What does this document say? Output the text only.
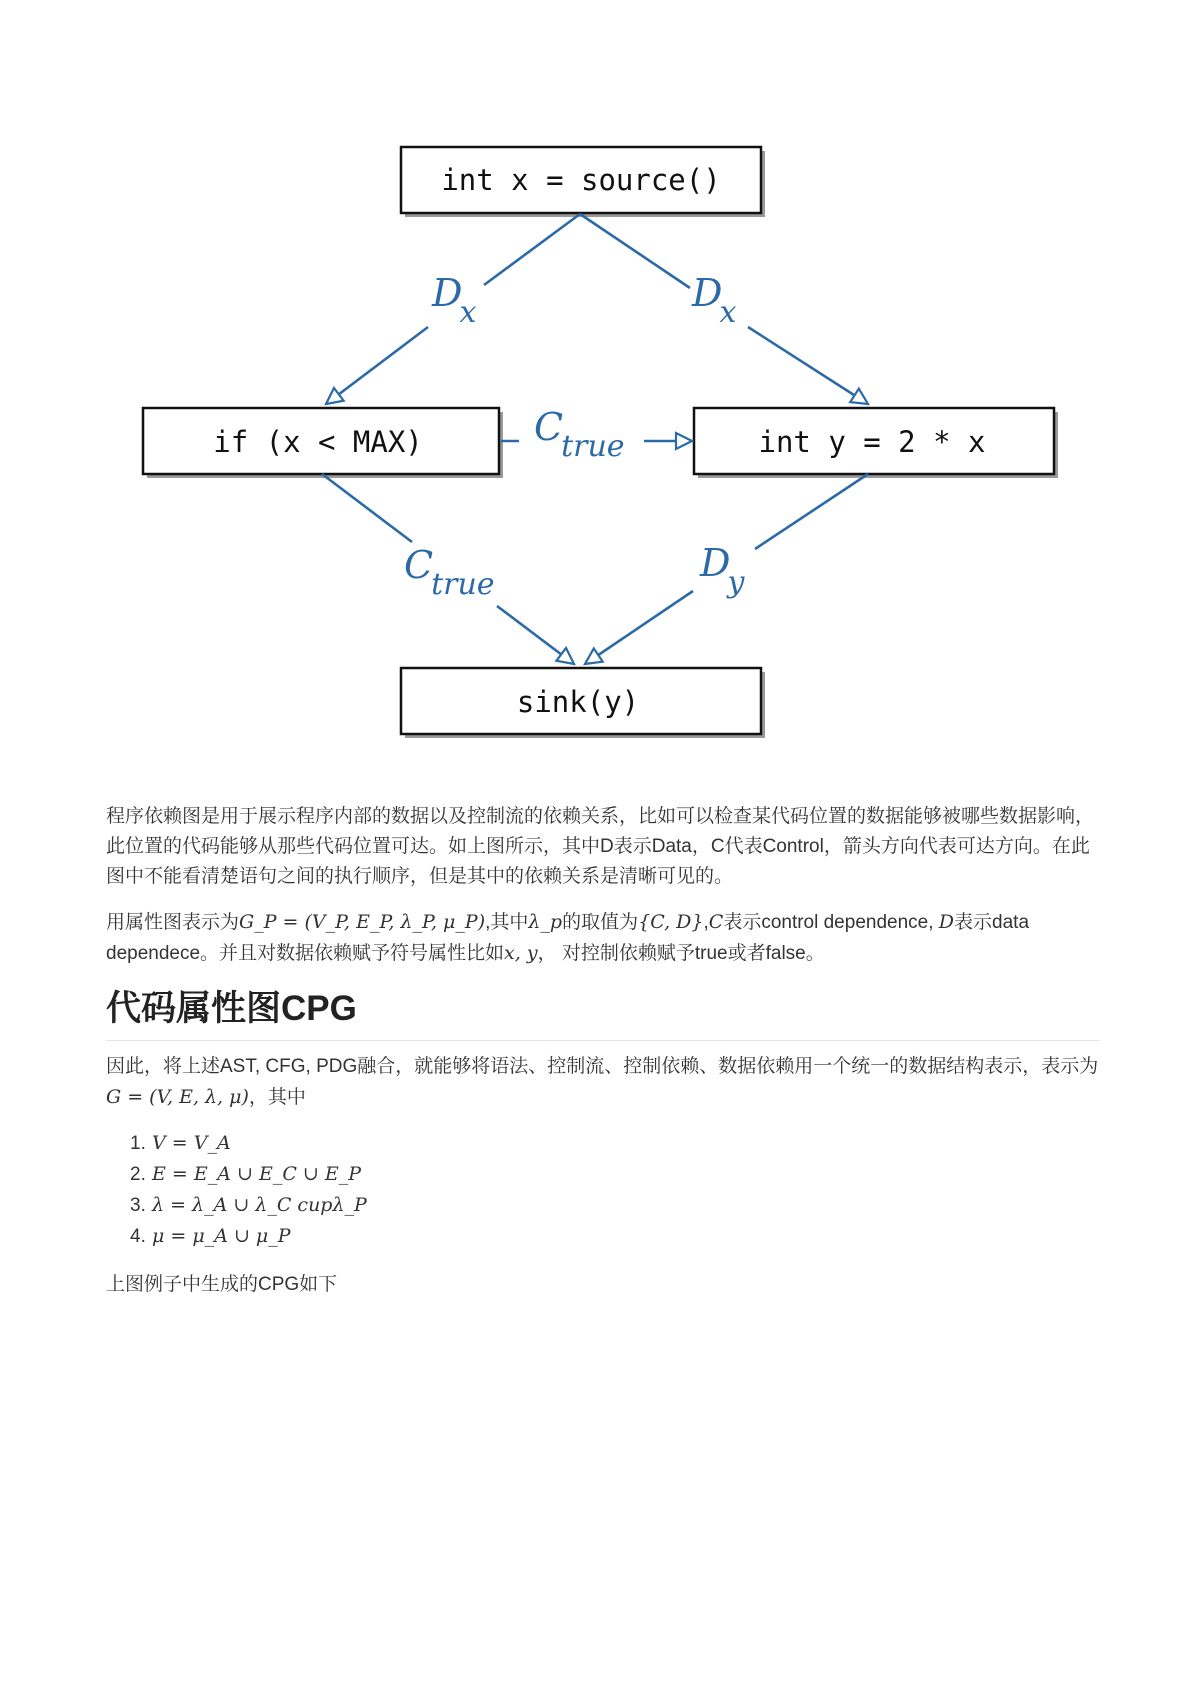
int x = source()
if (x < MAX)	int y = 2 * x
sink(y)
Dx	Dx
Ctrue
Ctrue	Dy
程序依赖图是用于展示程序内部的数据以及控制流的依赖关系，比如可以检查某代码位置的数据能够被哪些数据影响，此位置的代码能够从那些代码位置可达。如上图所示，其中D表示Data，C代表Control，箭头方向代表可达方向。在此图中不能看清楚语句之间的执行顺序，但是其中的依赖关系是清晰可见的。
用属性图表示为G_P = (V_P, E_P, λ_P, μ_P),其中λ_p的取值为{C, D},C表示control dependence, D表示data dependece。并且对数据依赖赋予符号属性比如x, y， 对控制依赖赋予true或者false。
代码属性图CPG
因此，将上述AST, CFG, PDG融合，就能够将语法、控制流、控制依赖、数据依赖用一个统一的数据结构表示，表示为G = (V, E, λ, μ)，其中
1. V = V_A
2. E = E_A ∪ E_C ∪ E_P
3. λ = λ_A ∪ λ_C cupλ_P
4. μ = μ_A ∪ μ_P
上图例子中生成的CPG如下
